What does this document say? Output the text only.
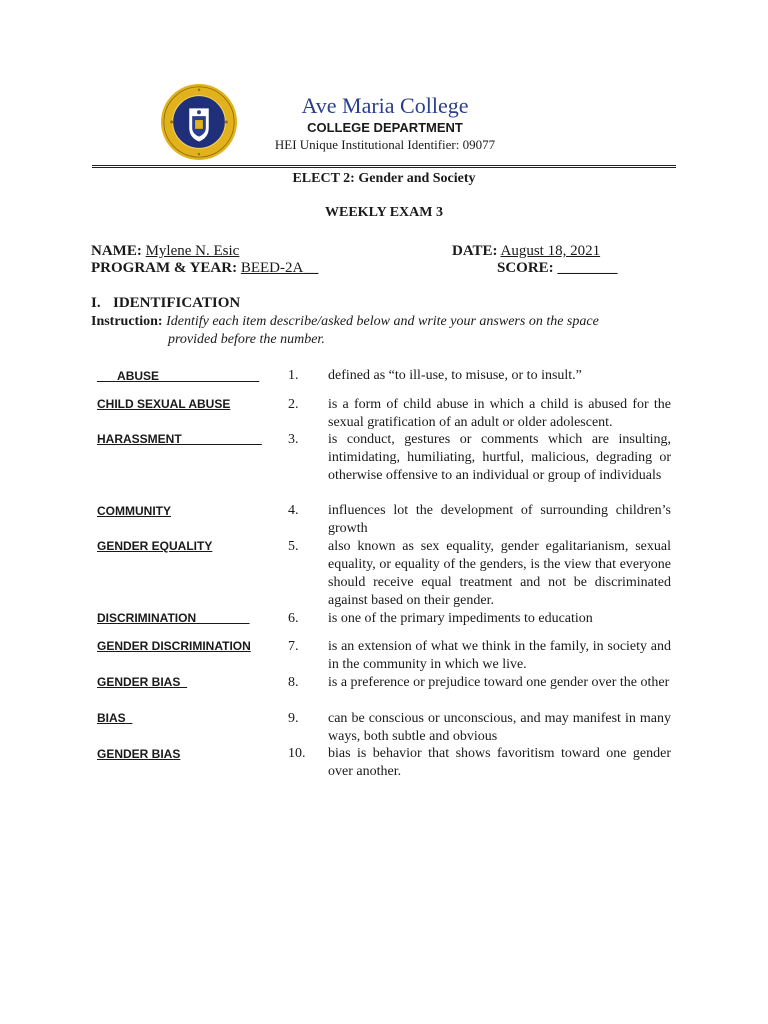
Ave Maria College
COLLEGE DEPARTMENT
HEI Unique Institutional Identifier: 09077
ELECT 2: Gender and Society
WEEKLY EXAM 3
NAME: Mylene N. Esic	DATE: August 18, 2021
PROGRAM & YEAR: BEED-2A__	SCORE: ________
I. IDENTIFICATION
Instruction: Identify each item describe/asked below and write your answers on the space
provided before the number.
___ABUSE_______________ 1. defined as “to ill-use, to misuse, or to insult.”
CHILD SEXUAL ABUSE	2. is a form of child abuse in which a child is abused for the sexual gratification of an adult or older adolescent.
HARASSMENT____________ 3. is conduct, gestures or comments which are insulting, intimidating, humiliating, hurtful, malicious, degrading or otherwise offensive to an individual or group of individuals
COMMUNITY	4. influences lot the development of surrounding children’s growth
GENDER EQUALITY	5. also known as sex equality, gender egalitarianism, sexual equality, or equality of the genders, is the view that everyone should receive equal treatment and not be discriminated against based on their gender.
DISCRIMINATION________	6. is one of the primary impediments to education
GENDER DISCRIMINATION	7. is an extension of what we think in the family, in society and in the community in which we live.
GENDER BIAS_	8. is a preference or prejudice toward one gender over the other
BIAS_	9. can be conscious or unconscious, and may manifest in many ways, both subtle and obvious
GENDER BIAS	10. bias is behavior that shows favoritism toward one gender over another.
